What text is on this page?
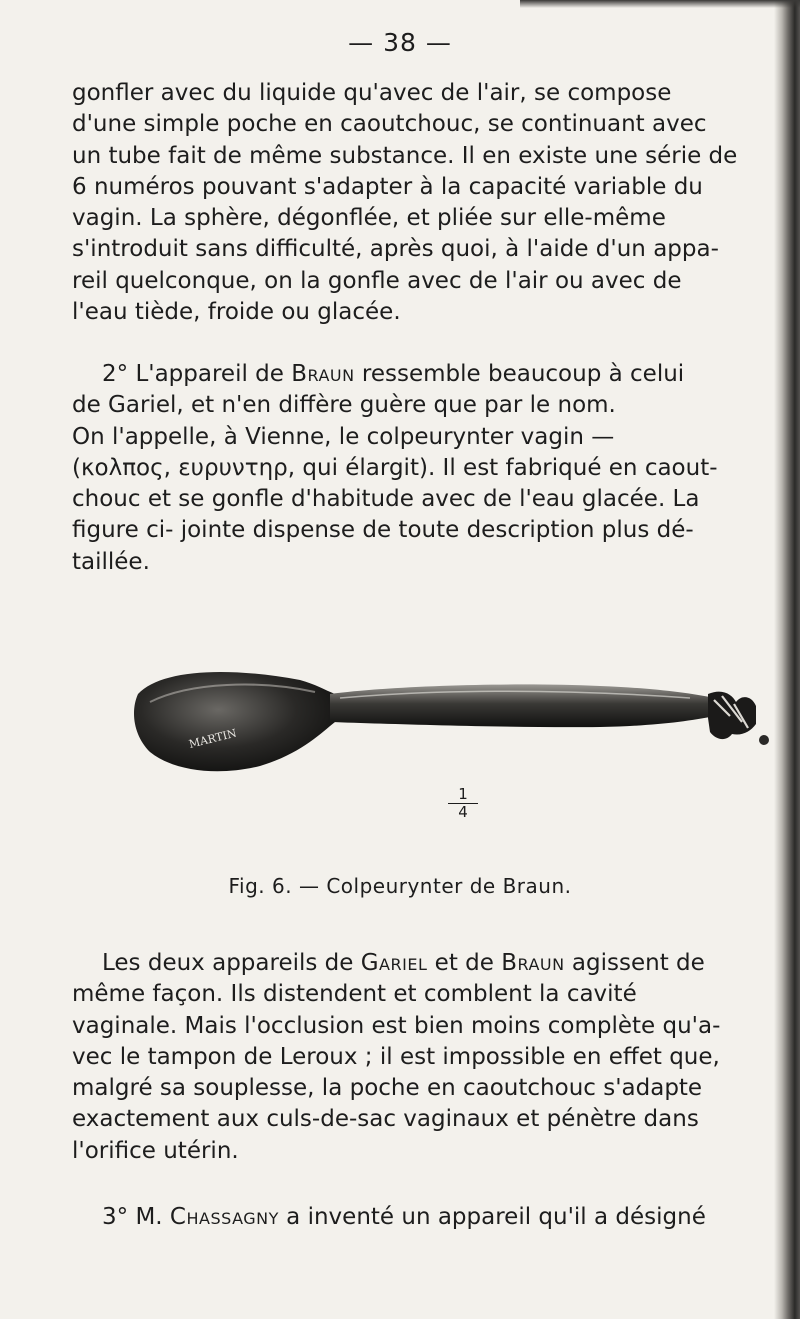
— 38 —
gonfler avec du liquide qu'avec de l'air, se compose
d'une simple poche en caoutchouc, se continuant avec
un tube fait de même substance. Il en existe une série de
6 numéros pouvant s'adapter à la capacité variable du
vagin. La sphère, dégonflée, et pliée sur elle-même
s'introduit sans difficulté, après quoi, à l'aide d'un appa-
reil quelconque, on la gonfle avec de l'air ou avec de
l'eau tiède, froide ou glacée.
2° L'appareil de Braun ressemble beaucoup à celui
de Gariel, et n'en diffère guère que par le nom.
On l'appelle, à Vienne, le colpeurynter vagin —
(κολπος, ευρυντηρ, qui élargit). Il est fabriqué en caout-
chouc et se gonfle d'habitude avec de l'eau glacée. La
figure ci- jointe dispense de toute description plus dé-
taillée.
MARTIN
$\frac{1}{4}$
Fig. 6. — Colpeurynter de Braun.
Les deux appareils de Gariel et de Braun agissent de
même façon. Ils distendent et comblent la cavité
vaginale. Mais l'occlusion est bien moins complète qu'a-
vec le tampon de Leroux ; il est impossible en effet que,
malgré sa souplesse, la poche en caoutchouc s'adapte
exactement aux culs-de-sac vaginaux et pénètre dans
l'orifice utérin.
3° M. Chassagny a inventé un appareil qu'il a désigné
